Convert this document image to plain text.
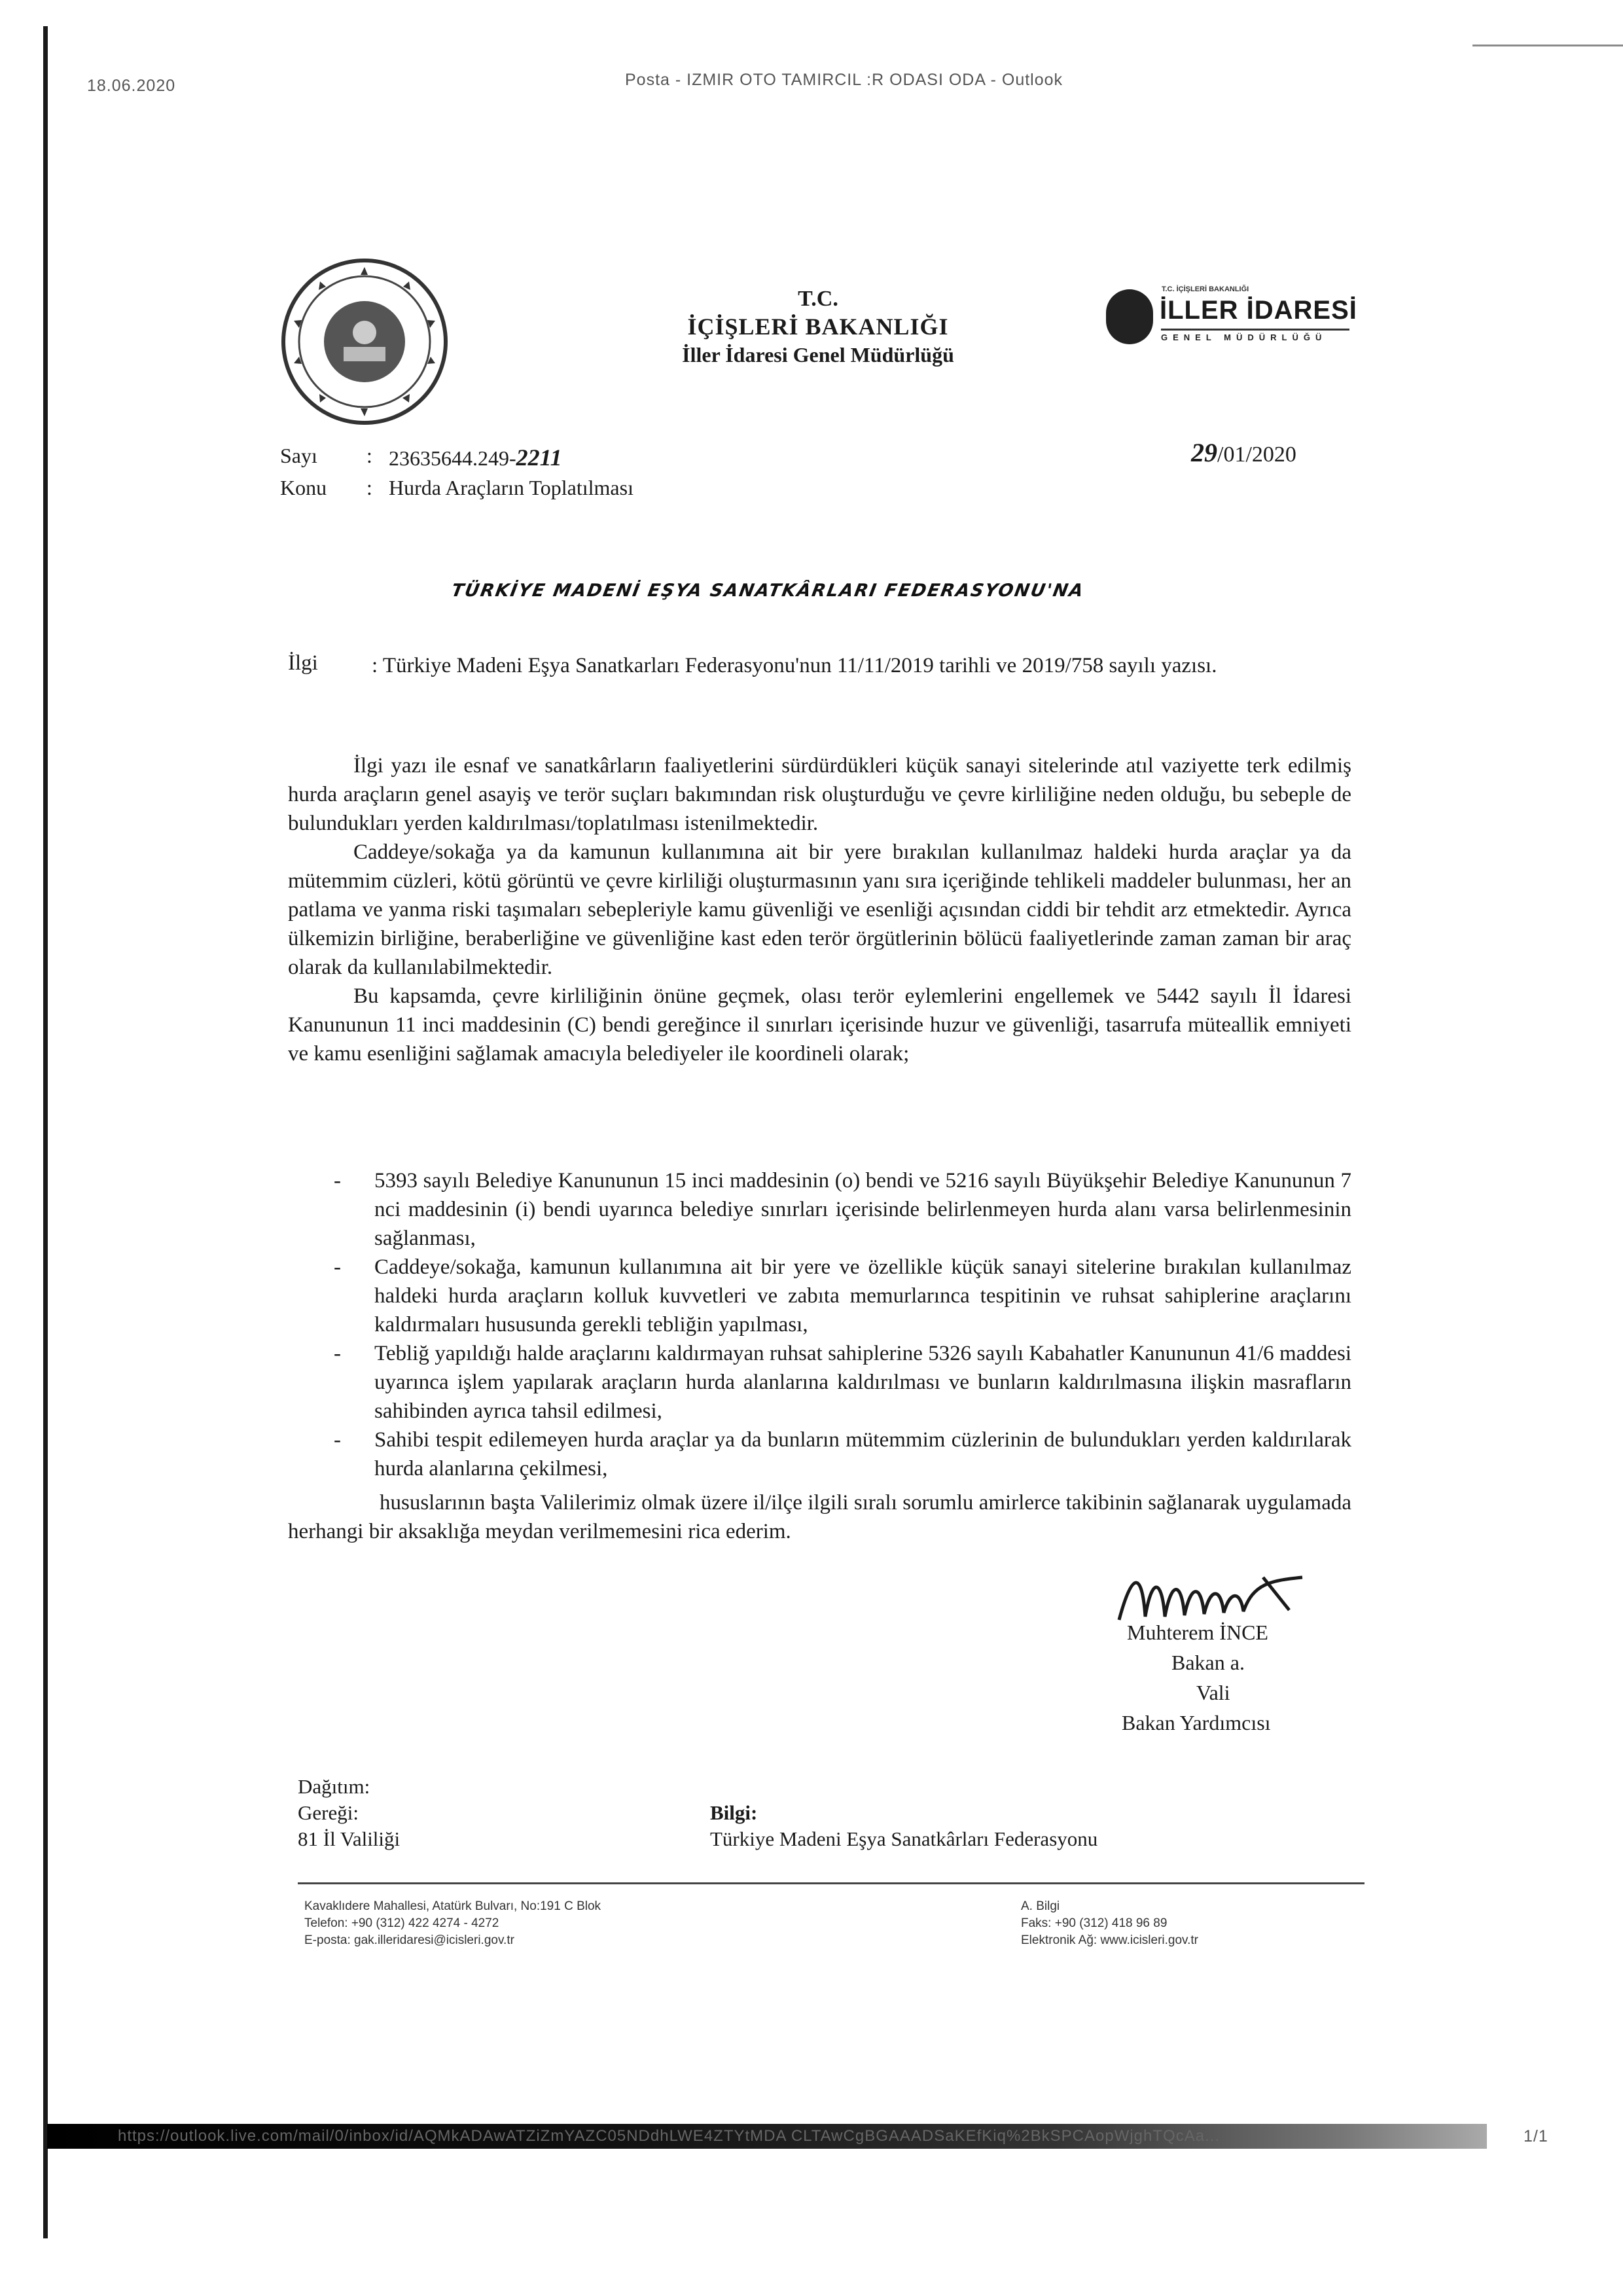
18.06.2020	Posta - IZMIR OTO TAMIRCIL :R ODASI ODA - Outlook
T.C.
İÇİŞLERİ BAKANLIĞI
İller İdaresi Genel Müdürlüğü
T.C. İÇİŞLERİ BAKANLIĞI
İLLER İDARESİ
GENEL MÜDÜRLÜĞÜ
Sayı : 23635644.249-2211
Konu : Hurda Araçların Toplatılması
29/01/2020
TÜRKİYE MADENİ EŞYA SANATKÂRLARI FEDERASYONU'NA
İlgi : Türkiye Madeni Eşya Sanatkarları Federasyonu'nun 11/11/2019 tarihli ve 2019/758 sayılı yazısı.

İlgi yazı ile esnaf ve sanatkârların faaliyetlerini sürdürdükleri küçük sanayi sitelerinde atıl vaziyette terk edilmiş hurda araçların genel asayiş ve terör suçları bakımından risk oluşturduğu ve çevre kirliliğine neden olduğu, bu sebeple de bulundukları yerden kaldırılması/toplatılması istenilmektedir.

Caddeye/sokağa ya da kamunun kullanımına ait bir yere bırakılan kullanılmaz haldeki hurda araçlar ya da mütemmim cüzleri, kötü görüntü ve çevre kirliliği oluşturmasının yanı sıra içeriğinde tehlikeli maddeler bulunması, her an patlama ve yanma riski taşımaları sebepleriyle kamu güvenliği ve esenliği açısından ciddi bir tehdit arz etmektedir. Ayrıca ülkemizin birliğine, beraberliğine ve güvenliğine kast eden terör örgütlerinin bölücü faaliyetlerinde zaman zaman bir araç olarak da kullanılabilmektedir.

Bu kapsamda, çevre kirliliğinin önüne geçmek, olası terör eylemlerini engellemek ve 5442 sayılı İl İdaresi Kanununun 11 inci maddesinin (C) bendi gereğince il sınırları içerisinde huzur ve güvenliği, tasarrufa müteallik emniyeti ve kamu esenliğini sağlamak amacıyla belediyeler ile koordineli olarak;

- 5393 sayılı Belediye Kanununun 15 inci maddesinin (o) bendi ve 5216 sayılı Büyükşehir Belediye Kanununun 7 nci maddesinin (i) bendi uyarınca belediye sınırları içerisinde belirlenmeyen hurda alanı varsa belirlenmesinin sağlanması,
- Caddeye/sokağa, kamunun kullanımına ait bir yere ve özellikle küçük sanayi sitelerine bırakılan kullanılmaz haldeki hurda araçların kolluk kuvvetleri ve zabıta memurlarınca tespitinin ve ruhsat sahiplerine araçlarını kaldırmaları hususunda gerekli tebliğin yapılması,
- Tebliğ yapıldığı halde araçlarını kaldırmayan ruhsat sahiplerine 5326 sayılı Kabahatler Kanununun 41/6 maddesi uyarınca işlem yapılarak araçların hurda alanlarına kaldırılması ve bunların kaldırılmasına ilişkin masrafların sahibinden ayrıca tahsil edilmesi,
- Sahibi tespit edilemeyen hurda araçlar ya da bunların mütemmim cüzlerinin de bulundukları yerden kaldırılarak hurda alanlarına çekilmesi,

hususlarının başta Valilerimiz olmak üzere il/ilçe ilgili sıralı sorumlu amirlerce takibinin sağlanarak uygulamada herhangi bir aksaklığa meydan verilmemesini rica ederim.

Muhterem İNCE
Bakan a.
Vali
Bakan Yardımcısı
Dağıtım:
Gereği:
81 İl Valiliği
Bilgi:
Türkiye Madeni Eşya Sanatkârları Federasyonu
Kavaklıdere Mahallesi, Atatürk Bulvarı, No:191 C Blok
Telefon: +90 (312) 422 4274 - 4272
E-posta: gak.illeridaresi@icisleri.gov.tr
A. Bilgi
Faks: +90 (312) 418 96 89
Elektronik Ağ: www.icisleri.gov.tr
https://outlook.live.com/mail/0/inbox/id/AQMkADAwATZiZmYAZC05NDdhLWE4ZTYtMDA CLTAwCgBGAAADSaKEfKiq%2BkSPCAopWjghTQcAa...	1/1
